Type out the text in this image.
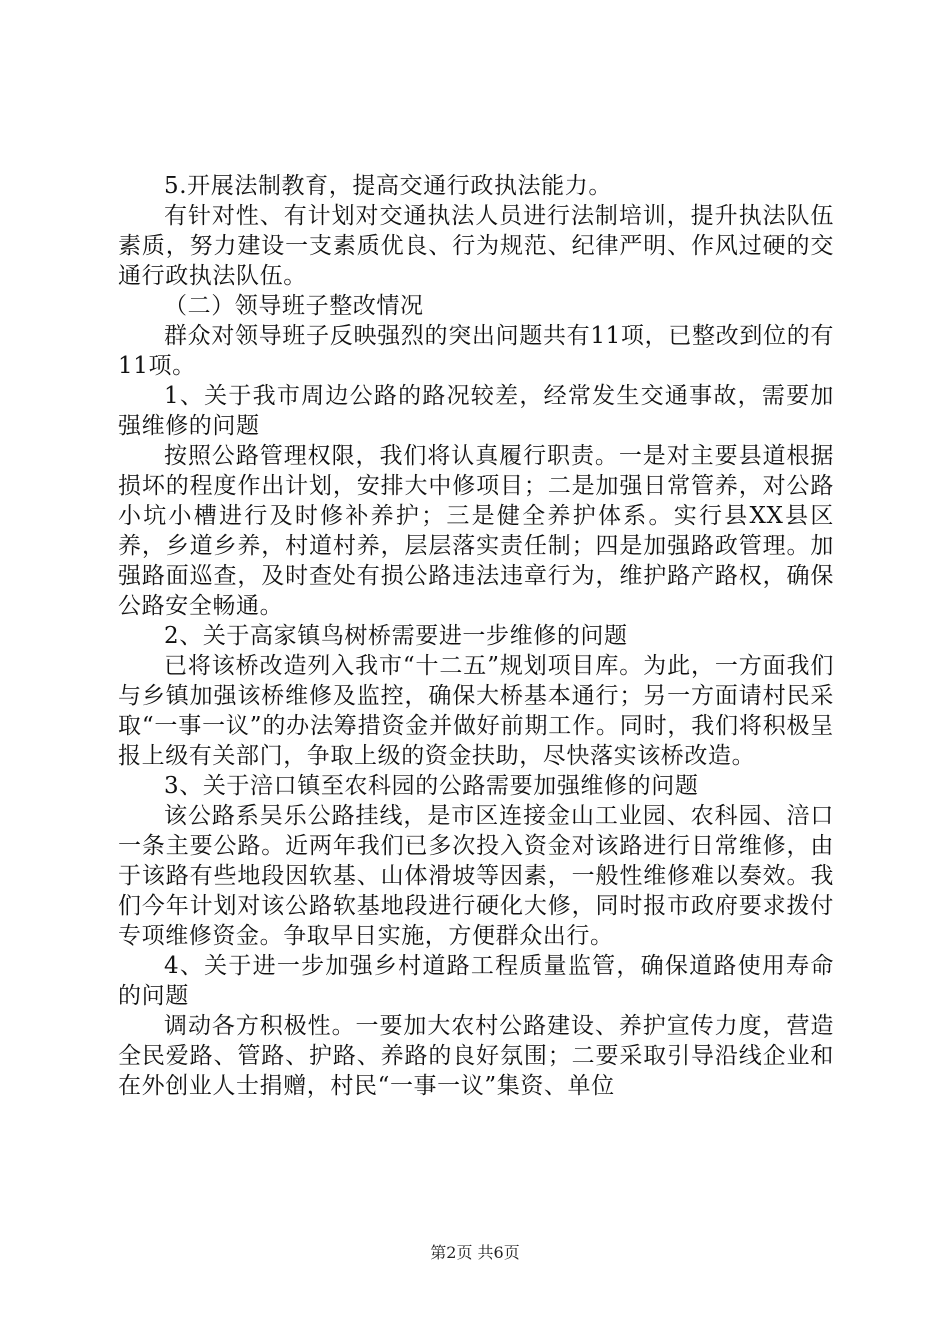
5.开展法制教育，提高交通行政执法能力。

有针对性、有计划对交通执法人员进行法制培训，提升执法队伍素质，努力建设一支素质优良、行为规范、纪律严明、作风过硬的交通行政执法队伍。

（二）领导班子整改情况

群众对领导班子反映强烈的突出问题共有11项，已整改到位的有11项。

1、关于我市周边公路的路况较差，经常发生交通事故，需要加强维修的问题

按照公路管理权限，我们将认真履行职责。一是对主要县道根据损坏的程度作出计划，安排大中修项目；二是加强日常管养，对公路小坑小槽进行及时修补养护；三是健全养护体系。实行县XX县区养，乡道乡养，村道村养，层层落实责任制；四是加强路政管理。加强路面巡查，及时查处有损公路违法违章行为，维护路产路权，确保公路安全畅通。

2、关于高家镇鸟树桥需要进一步维修的问题

已将该桥改造列入我市“十二五”规划项目库。为此，一方面我们与乡镇加强该桥维修及监控，确保大桥基本通行；另一方面请村民采取“一事一议”的办法筹措资金并做好前期工作。同时，我们将积极呈报上级有关部门，争取上级的资金扶助，尽快落实该桥改造。

3、关于涪口镇至农科园的公路需要加强维修的问题

该公路系吴乐公路挂线，是市区连接金山工业园、农科园、涪口一条主要公路。近两年我们已多次投入资金对该路进行日常维修，由于该路有些地段因软基、山体滑坡等因素，一般性维修难以奏效。我们今年计划对该公路软基地段进行硬化大修，同时报市政府要求拨付专项维修资金。争取早日实施，方便群众出行。

4、关于进一步加强乡村道路工程质量监管，确保道路使用寿命的问题

调动各方积极性。一要加大农村公路建设、养护宣传力度，营造全民爱路、管路、护路、养路的良好氛围；二要采取引导沿线企业和在外创业人士捐赠，村民“一事一议”集资、单位

第2页 共6页
